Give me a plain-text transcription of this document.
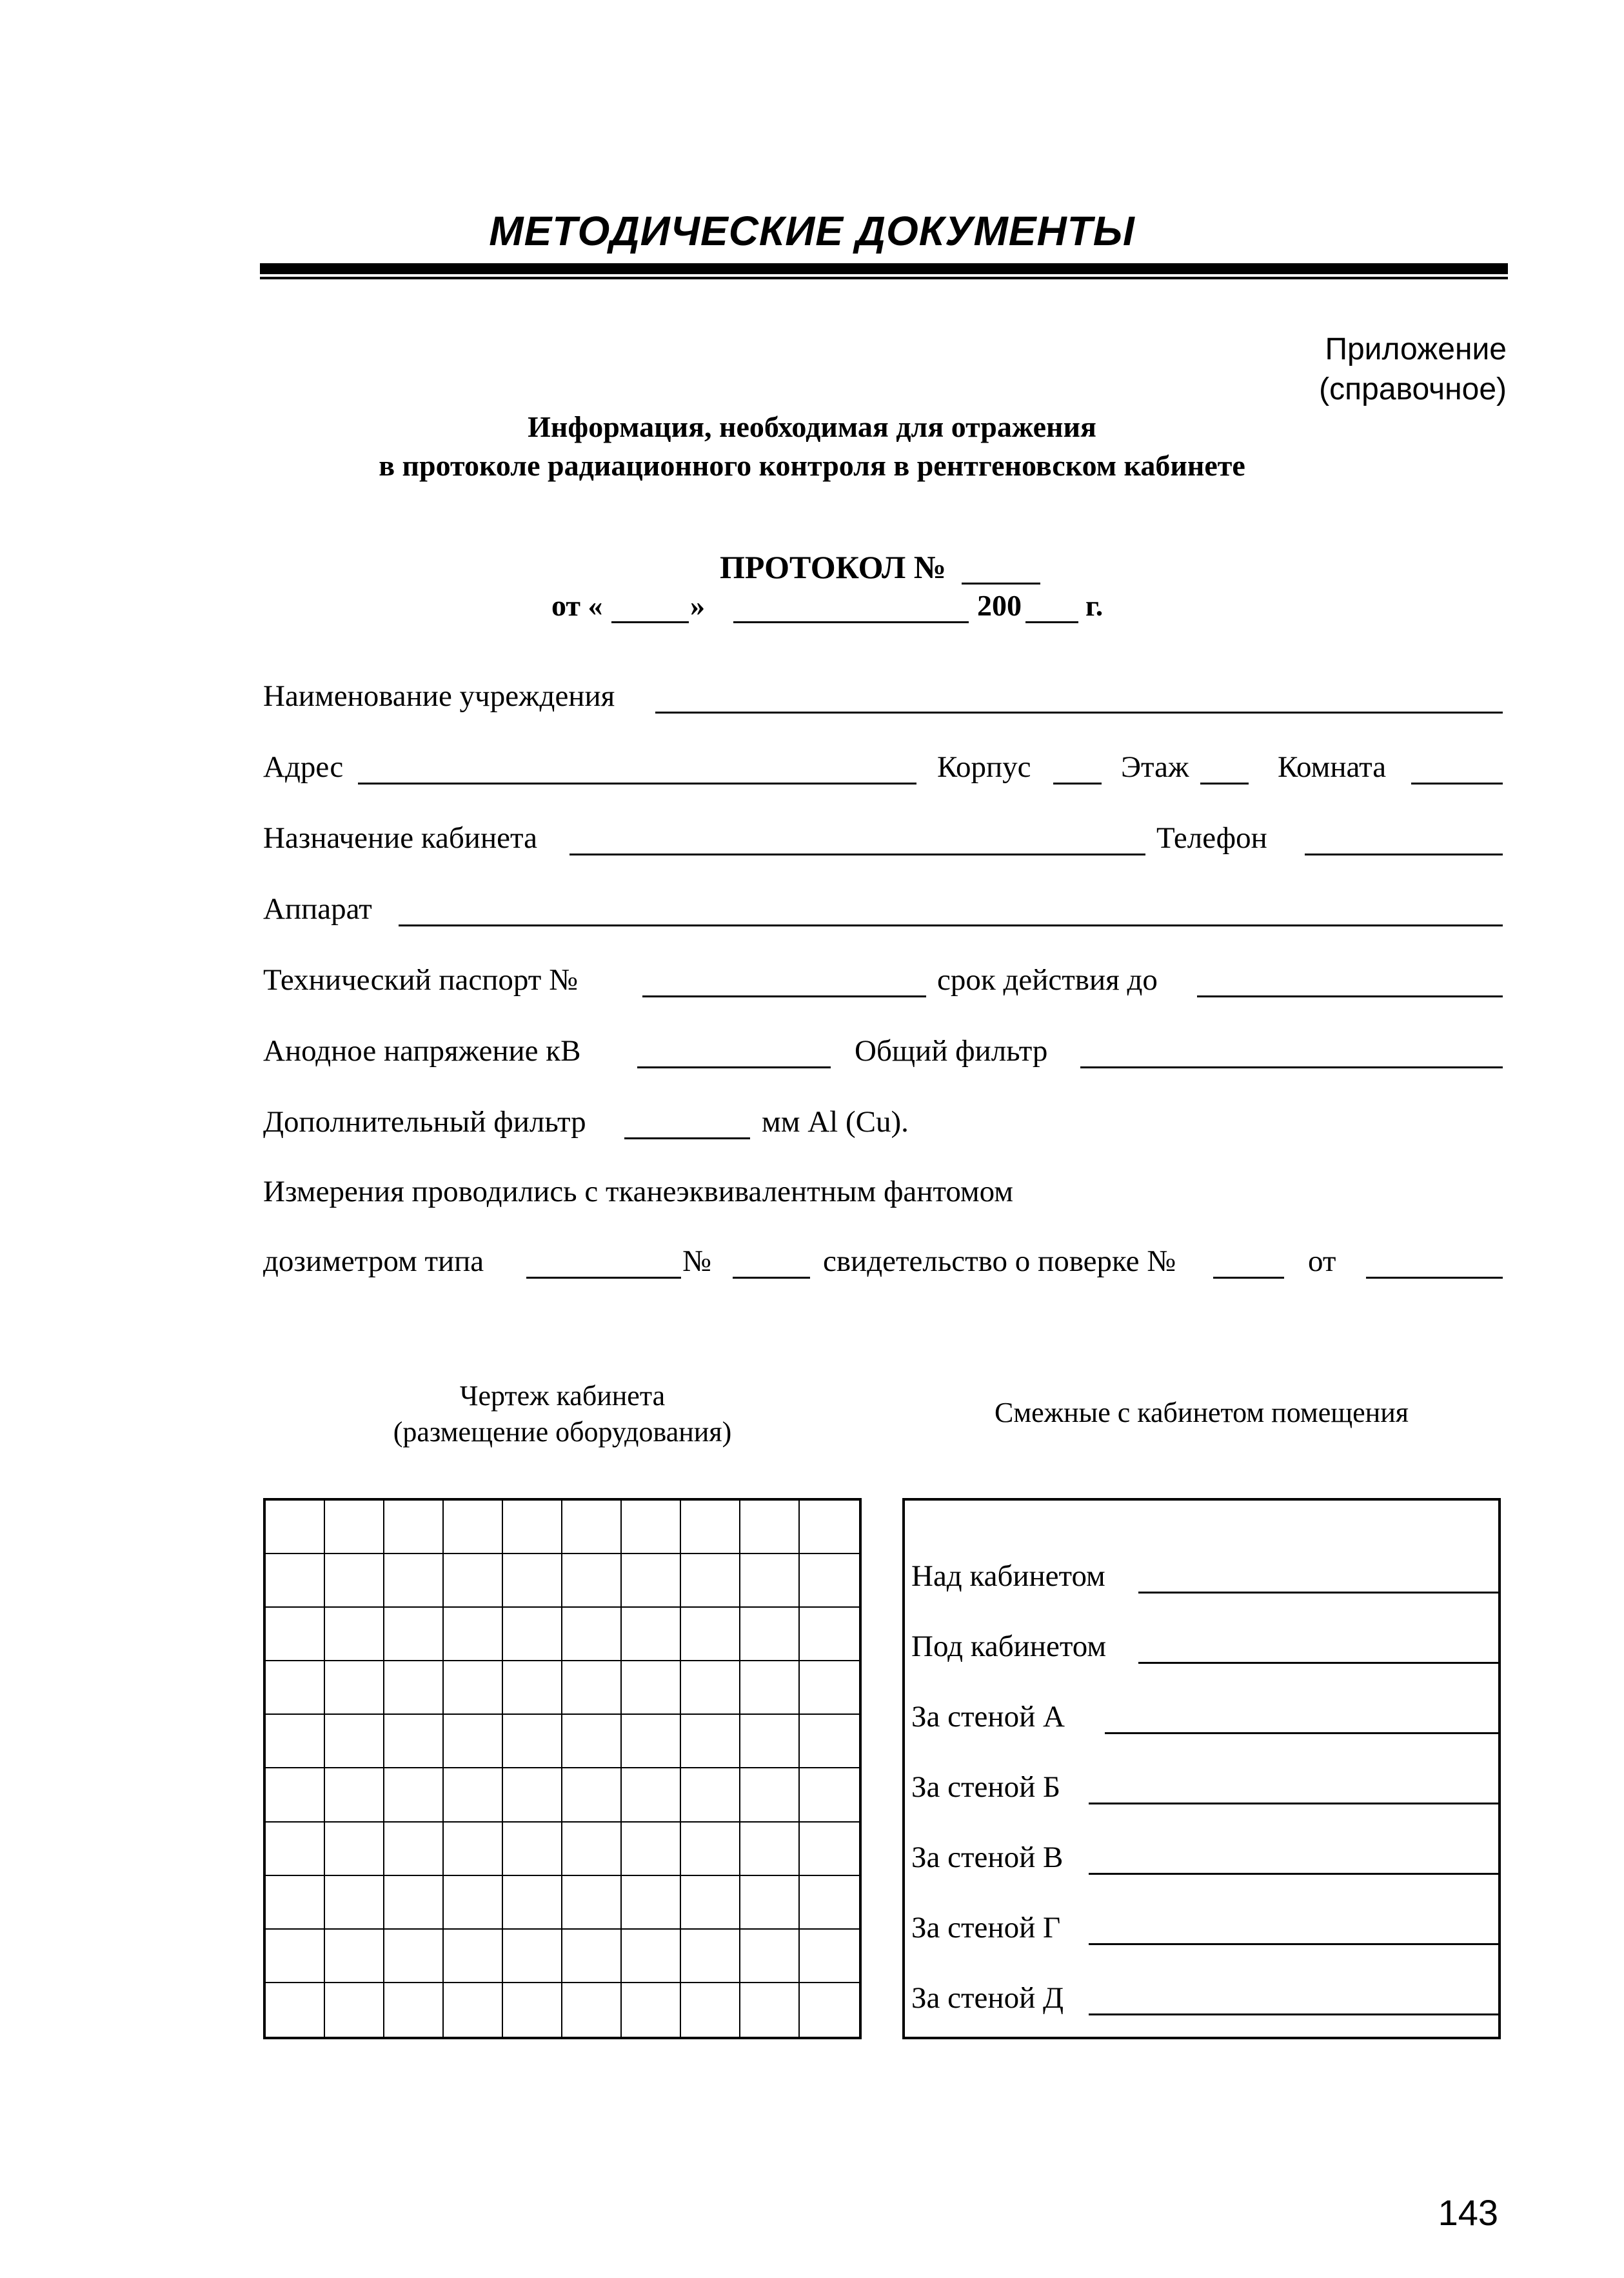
МЕТОДИЧЕСКИЕ ДОКУМЕНТЫ
Приложение
(справочное)
Информация, необходимая для отражения
в протоколе радиационного контроля в рентгеновском кабинете
ПРОТОКОЛ №
от «	»	200 г.
Наименование учреждения
Адрес	Корпус	Этаж	Комната
Назначение кабинета	Телефон
Аппарат
Технический паспорт №	срок действия до
Анодное напряжение кВ	Общий фильтр
Дополнительный фильтр	мм Al (Cu).
Измерения проводились с тканеэквивалентным фантомом
дозиметром типа	№	свидетельство о поверке №	от
Чертеж кабинета
(размещение оборудования)
Смежные с кабинетом помещения
Над кабинетом
Под кабинетом
За стеной А
За стеной Б
За стеной В
За стеной Г
За стеной Д
143
